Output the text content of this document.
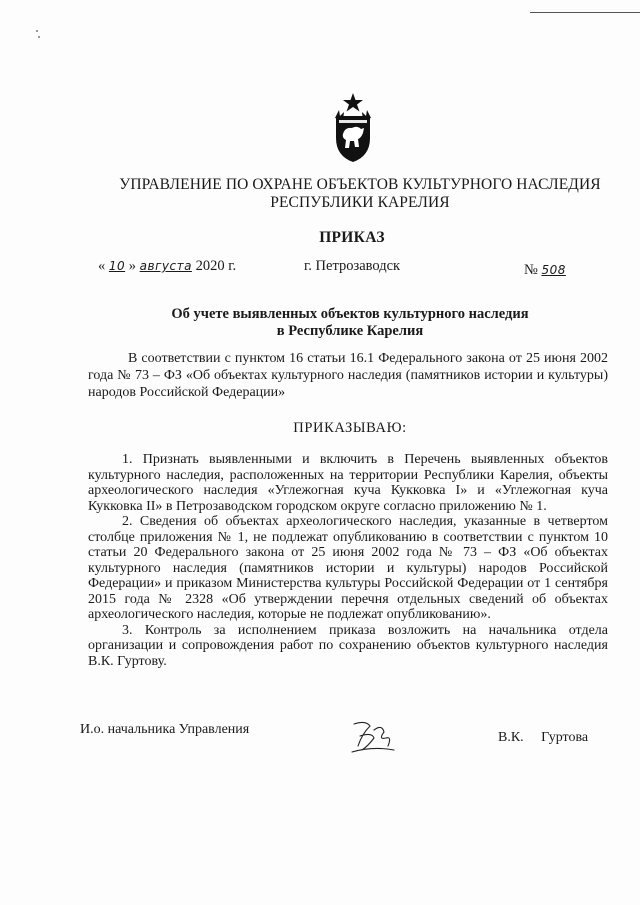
УПРАВЛЕНИЕ ПО ОХРАНЕ ОБЪЕКТОВ КУЛЬТУРНОГО НАСЛЕДИЯ
РЕСПУБЛИКИ КАРЕЛИЯ
ПРИКАЗ
« 10 » августа 2020 г.	г. Петрозаводск	№ 508
Об учете выявленных объектов культурного наследия
в Республике Карелия

В соответствии с пунктом 16 статьи 16.1 Федерального закона от 25 июня 2002 года № 73 – ФЗ «Об объектах культурного наследия (памятников истории и культуры) народов Российской Федерации»

ПРИКАЗЫВАЮ:

1. Признать выявленными и включить в Перечень выявленных объектов культурного наследия, расположенных на территории Республики Карелия, объекты археологического наследия «Углежогная куча Кукковка I» и «Углежогная куча Кукковка II» в Петрозаводском городском округе согласно приложению № 1.

2. Сведения об объектах археологического наследия, указанные в четвертом столбце приложения № 1, не подлежат опубликованию в соответствии с пунктом 10 статьи 20 Федерального закона от 25 июня 2002 года № 73 – ФЗ «Об объектах культурного наследия (памятников истории и культуры) народов Российской Федерации» и приказом Министерства культуры Российской Федерации от 1 сентября 2015 года № 2328 «Об утверждении перечня отдельных сведений об объектах археологического наследия, которые не подлежат опубликованию».

3. Контроль за исполнением приказа возложить на начальника отдела организации и сопровождения работ по сохранению объектов культурного наследия В.К. Гуртову.

И.о. начальника Управления
В.К.     Гуртова
